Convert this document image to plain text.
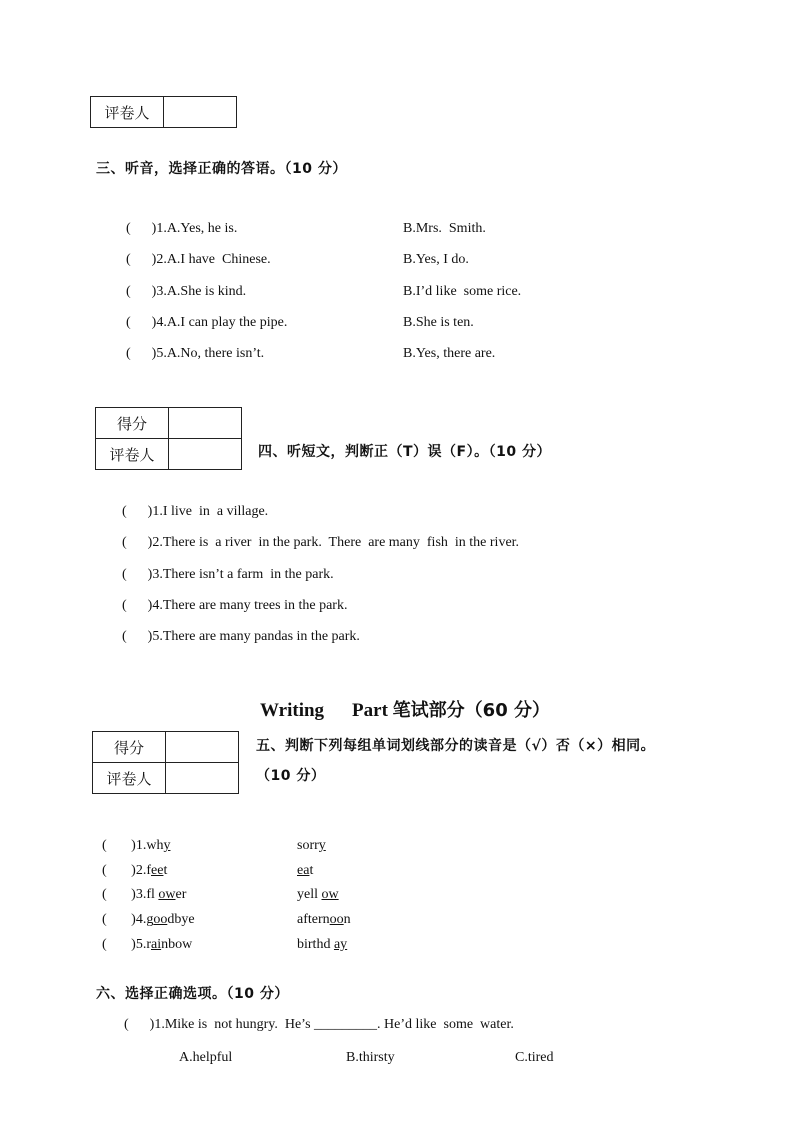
评卷人	
三、听音，选择正确的答语。（10 分）
(      )1.A.Yes, he is.	B.Mrs.  Smith.
(      )2.A.I have  Chinese.	B.Yes, I do.
(      )3.A.She is kind.	B.I’d like  some rice.
(      )4.A.I can play the pipe.	B.She is ten.
(      )5.A.No, there isn’t.	B.Yes, there are.
得分	
评卷人		四、听短文，判断正（T）误（F）。（10 分）
(      )1.I live  in  a village.
(      )2.There is  a river  in the park.  There  are many  fish  in the river.
(      )3.There isn’t a farm  in the park.
(      )4.There are many trees in the park.
(      )5.There are many pandas in the park.
Writing Part 笔试部分（60 分）
得分	
评卷人	
五、判断下列每组单词划线部分的读音是（√）否（×）相同。
（10 分）

(       )1.why	sorry

(       )2.feet	eat

(       )3.fl ower	yell ow

(       )4.goodbye	afternoon

(       )5.rainbow	birthd ay

六、选择正确选项。（10 分）
(      )1.Mike is  not hungry.  He’s _________. He’d like  some  water.
A.helpful	B.thirsty	C.tired
